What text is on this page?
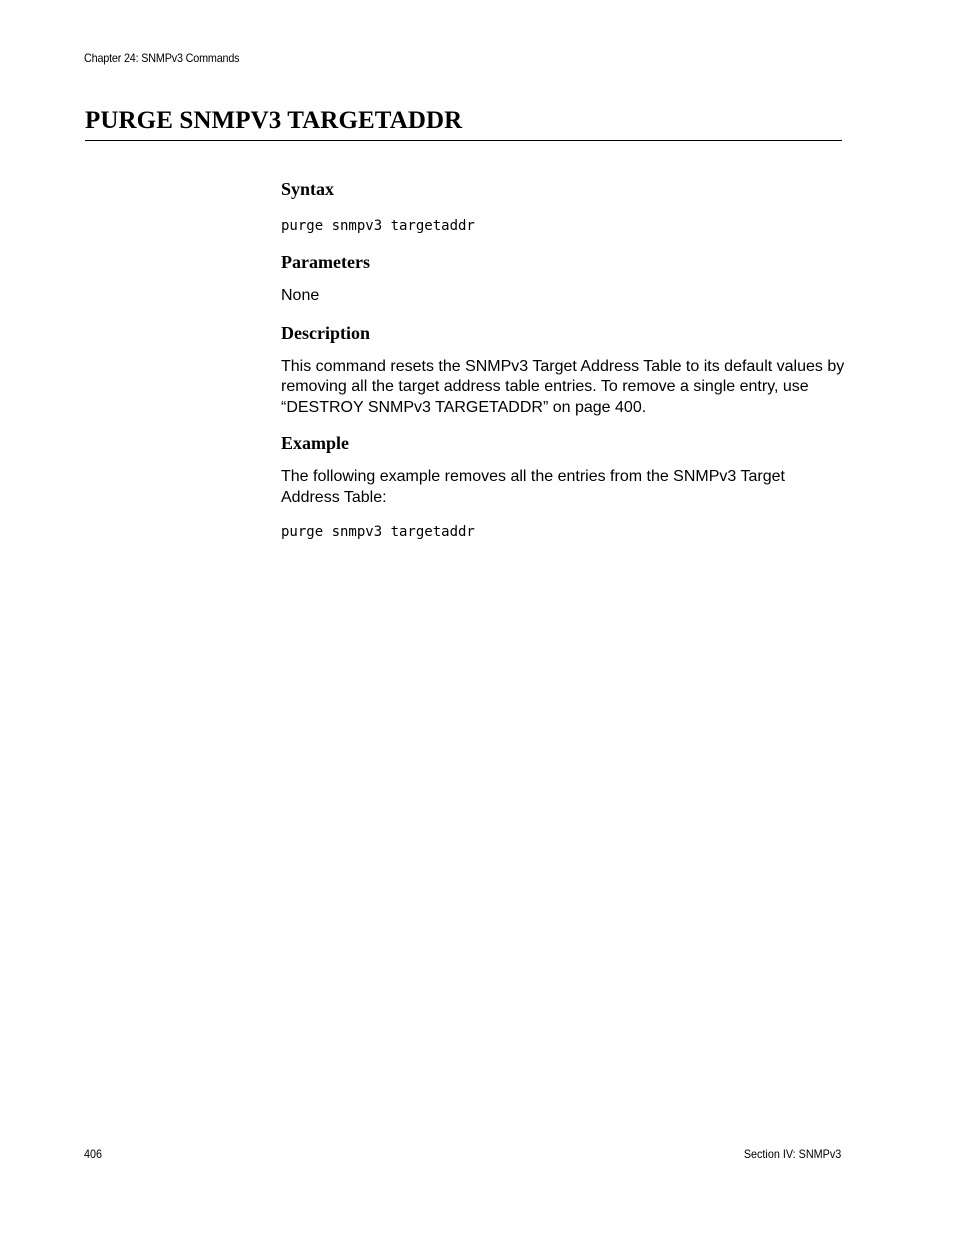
Chapter 24: SNMPv3 Commands
PURGE SNMPV3 TARGETADDR
Syntax

purge snmpv3 targetaddr

Parameters

None

Description

This command resets the SNMPv3 Target Address Table to its default values by removing all the target address table entries. To remove a single entry, use “DESTROY SNMPv3 TARGETADDR” on page 400.

Example

The following example removes all the entries from the SNMPv3 Target Address Table:

purge snmpv3 targetaddr

406	Section IV: SNMPv3
